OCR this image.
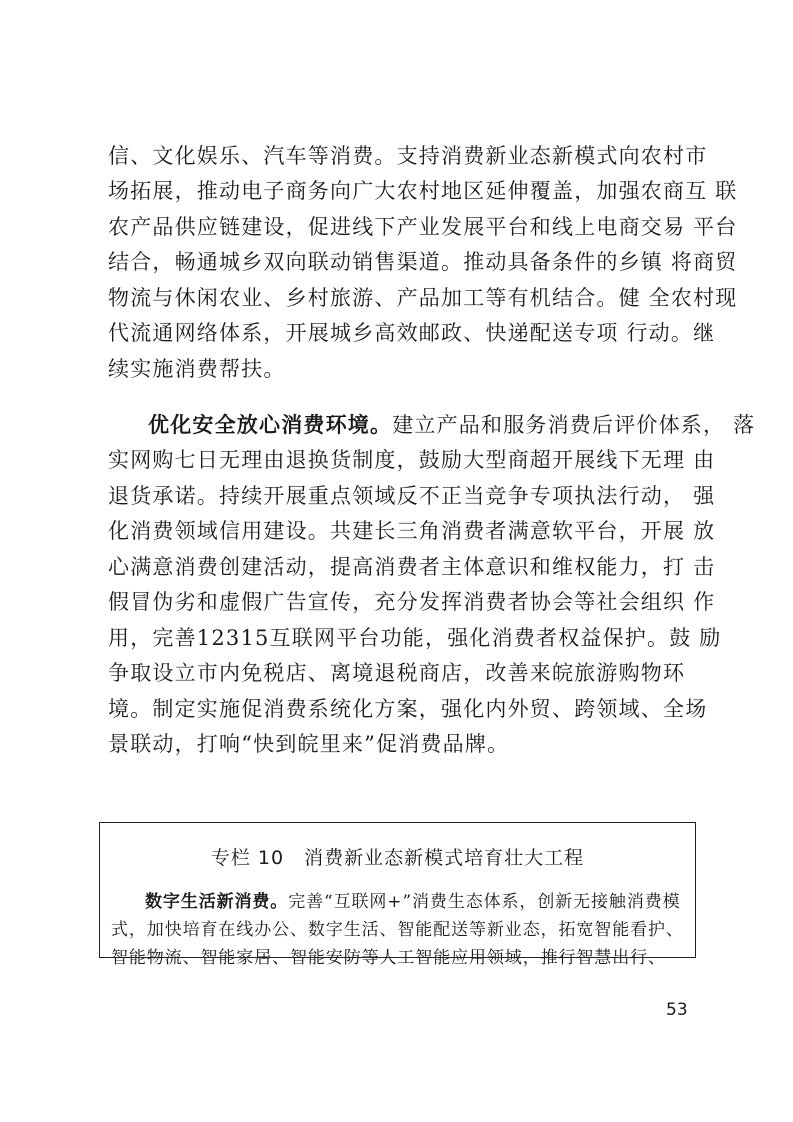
信、文化娱乐、汽车等消费。支持消费新业态新模式向农村市
场拓展，推动电子商务向广大农村地区延伸覆盖，加强农商互 联
农产品供应链建设，促进线下产业发展平台和线上电商交易 平台
结合，畅通城乡双向联动销售渠道。推动具备条件的乡镇 将商贸
物流与休闲农业、乡村旅游、产品加工等有机结合。健 全农村现
代流通网络体系，开展城乡高效邮政、快递配送专项 行动。继
续实施消费帮扶。
优化安全放心消费环境。建立产品和服务消费后评价体系， 落
实网购七日无理由退换货制度，鼓励大型商超开展线下无理 由
退货承诺。持续开展重点领域反不正当竞争专项执法行动， 强
化消费领域信用建设。共建长三角消费者满意软平台，开展 放
心满意消费创建活动，提高消费者主体意识和维权能力，打 击
假冒伪劣和虚假广告宣传，充分发挥消费者协会等社会组织 作
用，完善12315互联网平台功能，强化消费者权益保护。鼓 励
争取设立市内免税店、离境退税商店，改善来皖旅游购物环
境。制定实施促消费系统化方案，强化内外贸、跨领域、全场
景联动，打响“快到皖里来”促消费品牌。
专栏 10　消费新业态新模式培育壮大工程
数字生活新消费。完善“互联网+”消费生态体系，创新无接触消费模
式，加快培育在线办公、数字生活、智能配送等新业态，拓宽智能看护、
智能物流、智能家居、智能安防等人工智能应用领域，推行智慧出行、
53
